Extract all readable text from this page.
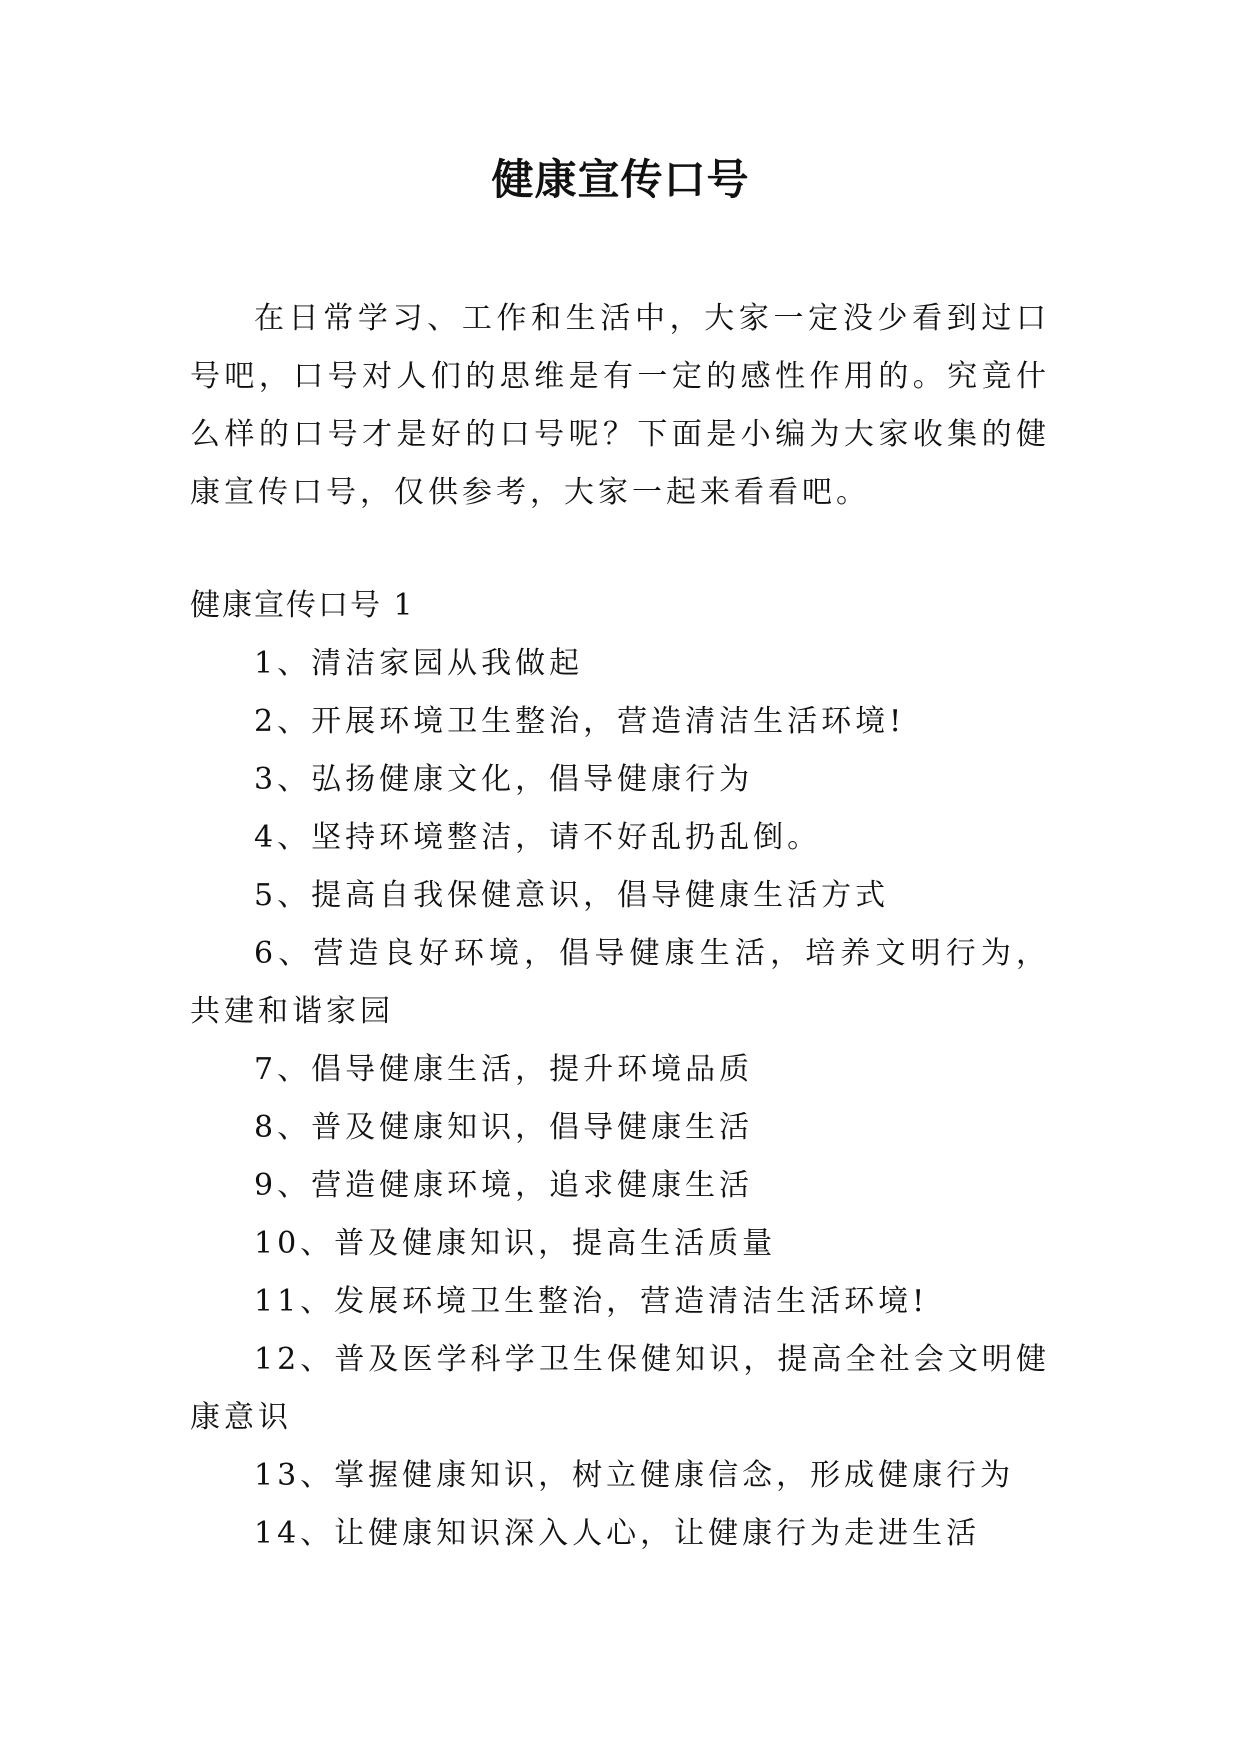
健康宣传口号

在日常学习、工作和生活中，大家一定没少看到过口号吧，口号对人们的思维是有一定的感性作用的。究竟什么样的口号才是好的口号呢？下面是小编为大家收集的健康宣传口号，仅供参考，大家一起来看看吧。

健康宣传口号 1
1、清洁家园从我做起
2、开展环境卫生整治，营造清洁生活环境!
3、弘扬健康文化，倡导健康行为
4、坚持环境整洁，请不好乱扔乱倒。
5、提高自我保健意识，倡导健康生活方式
6、营造良好环境，倡导健康生活，培养文明行为，共建和谐家园
7、倡导健康生活，提升环境品质
8、普及健康知识，倡导健康生活
9、营造健康环境，追求健康生活
10、普及健康知识，提高生活质量
11、发展环境卫生整治，营造清洁生活环境!
12、普及医学科学卫生保健知识，提高全社会文明健康意识
13、掌握健康知识，树立健康信念，形成健康行为
14、让健康知识深入人心，让健康行为走进生活
